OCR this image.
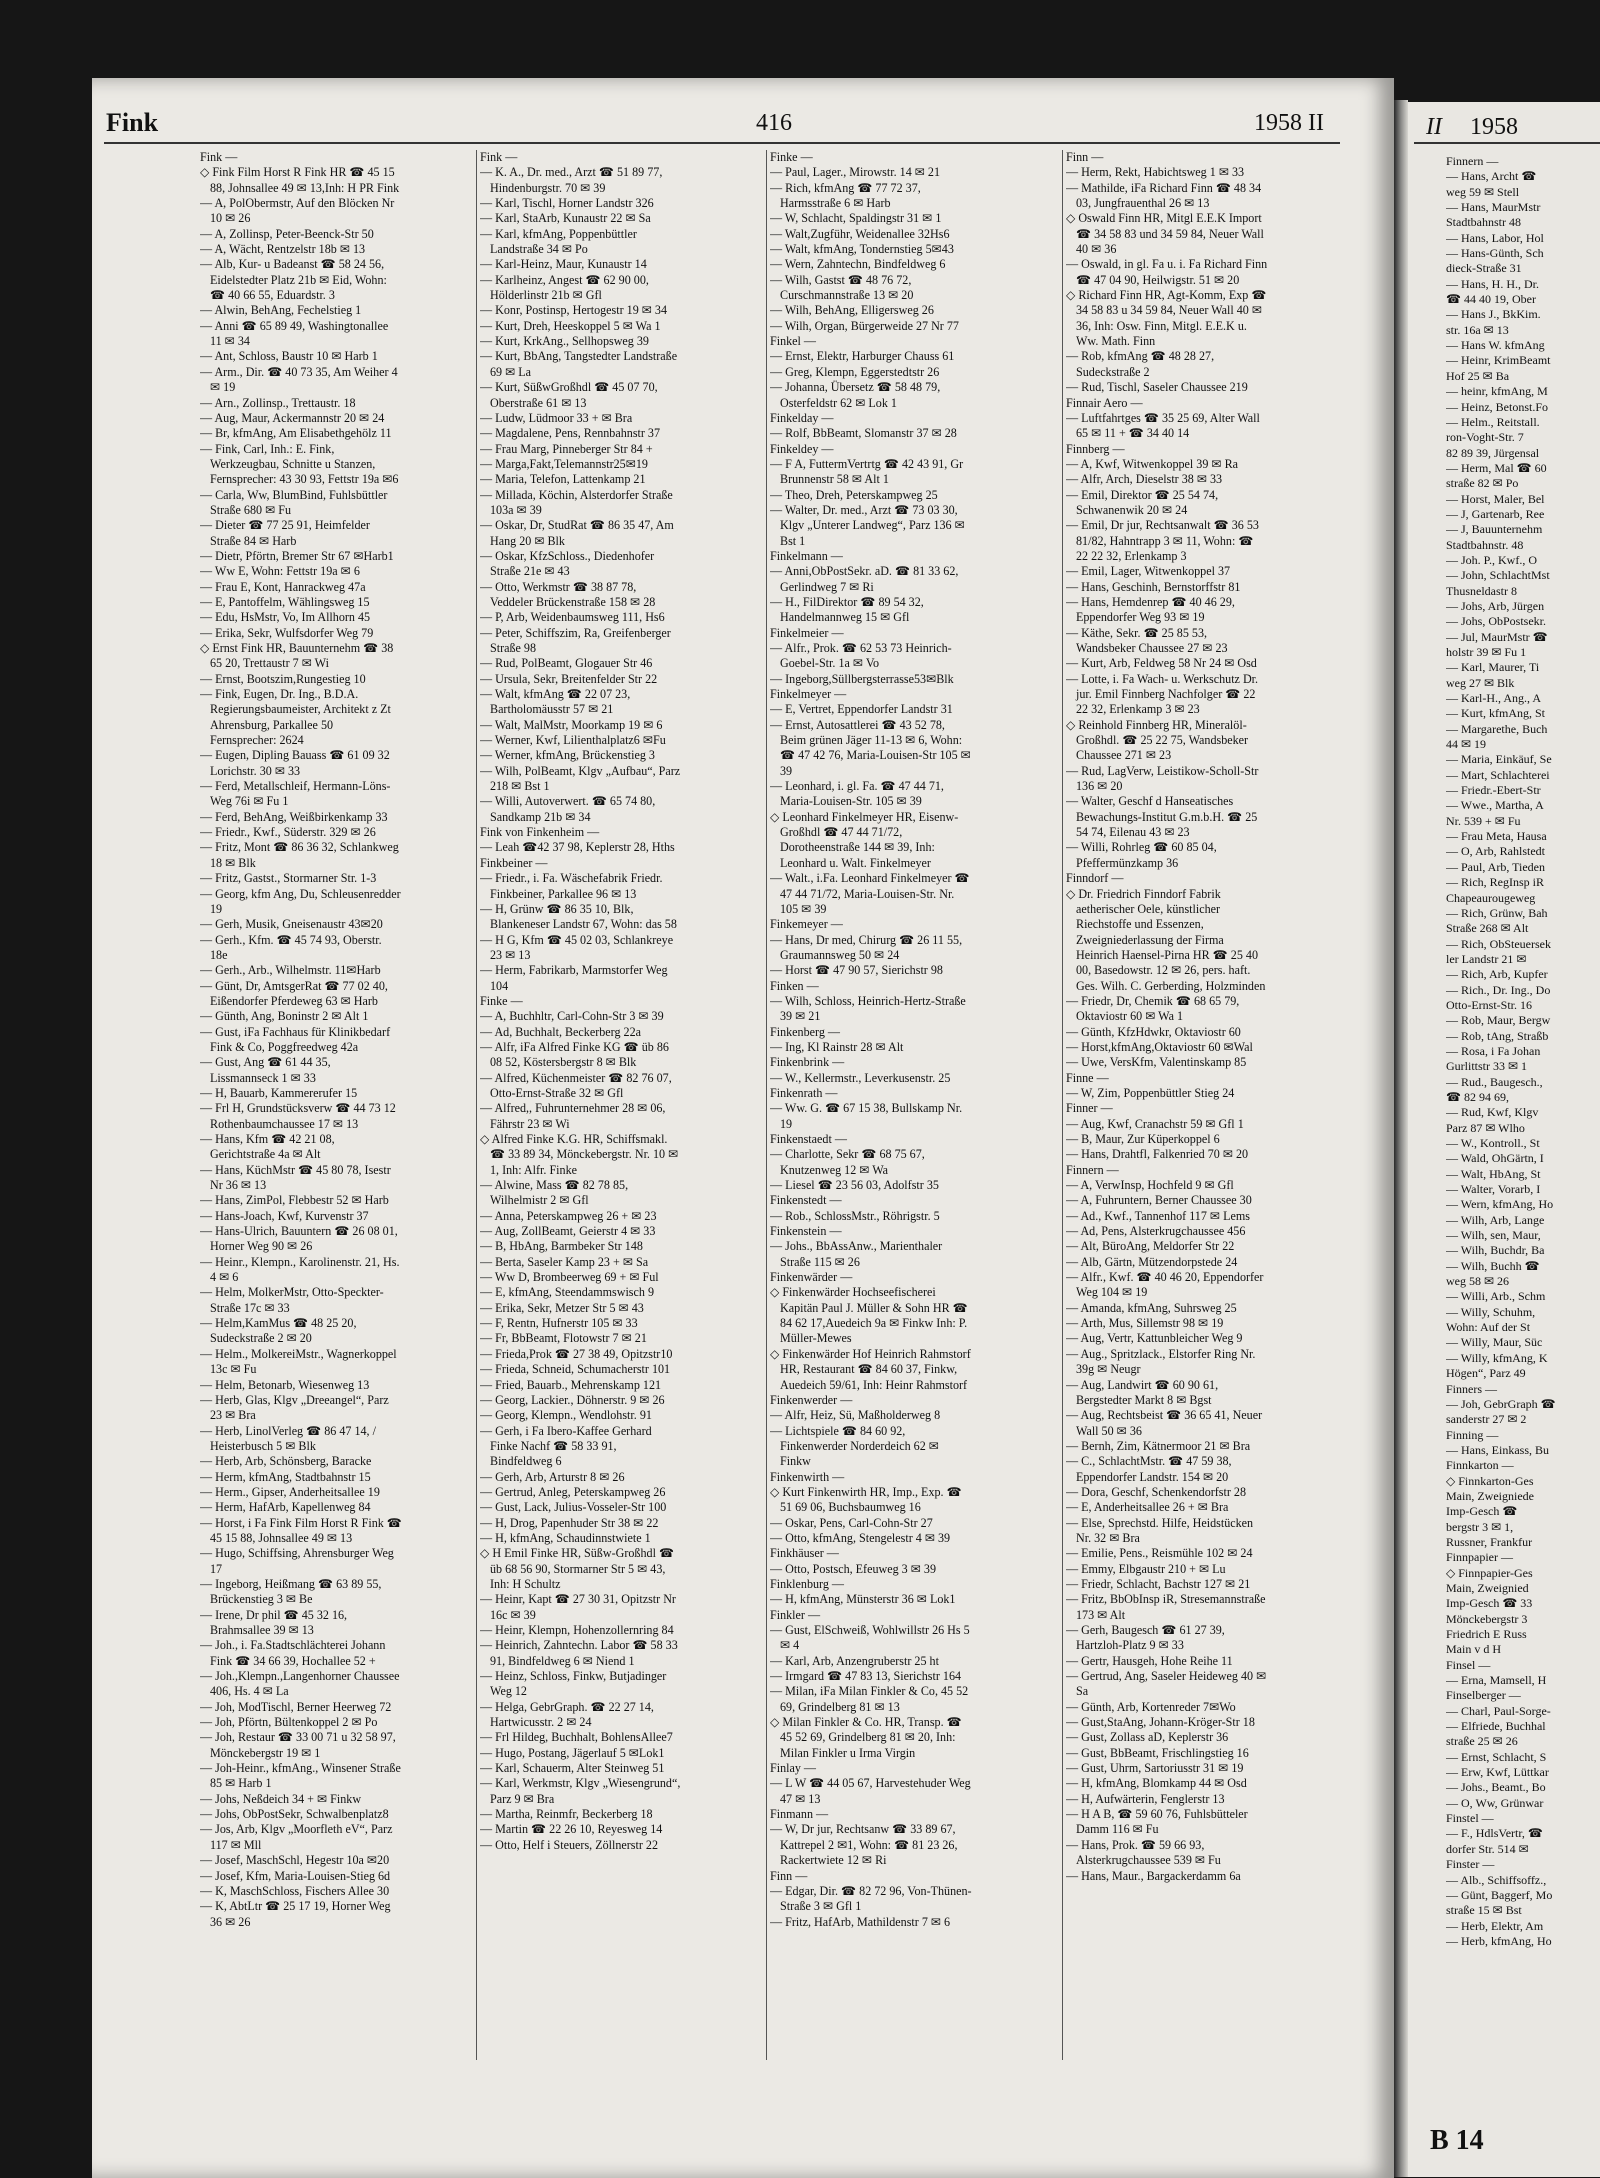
Fink	416	1958 II
Fink —
◇ Fink Film Horst R Fink HR ☎ 45 15 88, Johnsallee 49 ✉ 13,Inh: H PR Fink
— A, PolObermstr, Auf den Blöcken Nr 10 ✉ 26
— A, Zollinsp, Peter-Beenck-Str 50
— A, Wächt, Rentzelstr 18b ✉ 13
— Alb, Kur- u Badeanst ☎ 58 24 56, Eidelstedter Platz 21b ✉ Eid, Wohn: ☎ 40 66 55, Eduardstr. 3
— Alwin, BehAng, Fechelstieg 1
— Anni ☎ 65 89 49, Washingtonallee 11 ✉ 34
— Ant, Schloss, Baustr 10 ✉ Harb 1
— Arm., Dir. ☎ 40 73 35, Am Weiher 4 ✉ 19
— Arn., Zollinsp., Trettaustr. 18
— Aug, Maur, Ackermannstr 20 ✉ 24
— Br, kfmAng, Am Elisabethgehölz 11
— Fink, Carl, Inh.: E. Fink, Werkzeugbau, Schnitte u Stanzen, Fernsprecher: 43 30 93, Fettstr 19a ✉6
— Carla, Ww, BlumBind, Fuhlsbüttler Straße 680 ✉ Fu
— Dieter ☎ 77 25 91, Heimfelder Straße 84 ✉ Harb
— Dietr, Pförtn, Bremer Str 67 ✉Harb1
— Ww E, Wohn: Fettstr 19a ✉ 6
— Frau E, Kont, Hanrackweg 47a
— E, Pantoffelm, Wählingsweg 15
— Edu, HsMstr, Vo, Im Allhorn 45
— Erika, Sekr, Wulfsdorfer Weg 79
◇ Ernst Fink HR, Bauunternehm ☎ 38 65 20, Trettaustr 7 ✉ Wi
— Ernst, Bootszim,Rungestieg 10
— Fink, Eugen, Dr. Ing., B.D.A. Regierungsbaumeister, Architekt z Zt Ahrensburg, Parkallee 50 Fernsprecher: 2624
— Eugen, Dipling Bauass ☎ 61 09 32 Lorichstr. 30 ✉ 33
— Ferd, Metallschleif, Hermann-Löns-Weg 76i ✉ Fu 1
— Ferd, BehAng, Weißbirkenkamp 33
— Friedr., Kwf., Süderstr. 329 ✉ 26
— Fritz, Mont ☎ 86 36 32, Schlankweg 18 ✉ Blk
— Fritz, Gastst., Stormarner Str. 1-3
— Georg, kfm Ang, Du, Schleusenredder 19
— Gerh, Musik, Gneisenaustr 43✉20
— Gerh., Kfm. ☎ 45 74 93, Oberstr. 18e
— Gerh., Arb., Wilhelmstr. 11✉Harb
— Günt, Dr, AmtsgerRat ☎ 77 02 40, Eißendorfer Pferdeweg 63 ✉ Harb
— Günth, Ang, Boninstr 2 ✉ Alt 1
— Gust, iFa Fachhaus für Klinikbedarf Fink & Co, Poggfreedweg 42a
— Gust, Ang ☎ 61 44 35, Lissmannseck 1 ✉ 33
— H, Bauarb, Kammererufer 15
— Frl H, Grundstücksverw ☎ 44 73 12 Rothenbaumchaussee 17 ✉ 13
— Hans, Kfm ☎ 42 21 08, Gerichtstraße 4a ✉ Alt
— Hans, KüchMstr ☎ 45 80 78, Isestr Nr 36 ✉ 13
— Hans, ZimPol, Flebbestr 52 ✉ Harb
— Hans-Joach, Kwf, Kurvenstr 37
— Hans-Ulrich, Bauuntern ☎ 26 08 01, Horner Weg 90 ✉ 26
— Heinr., Klempn., Karolinenstr. 21, Hs. 4 ✉ 6
— Helm, MolkerMstr, Otto-Speckter-Straße 17c ✉ 33
— Helm,KamMus ☎ 48 25 20, Sudeckstraße 2 ✉ 20
— Helm., MolkereiMstr., Wagnerkoppel 13c ✉ Fu
— Helm, Betonarb, Wiesenweg 13
— Herb, Glas, Klgv „Dreeangel“, Parz 23 ✉ Bra
— Herb, LinolVerleg ☎ 86 47 14, / Heisterbusch 5 ✉ Blk
— Herb, Arb, Schönsberg, Baracke
— Herm, kfmAng, Stadtbahnstr 15
— Herm., Gipser, Anderheitsallee 19
— Herm, HafArb, Kapellenweg 84
— Horst, i Fa Fink Film Horst R Fink ☎ 45 15 88, Johnsallee 49 ✉ 13
— Hugo, Schiffsing, Ahrensburger Weg 17
— Ingeborg, Heißmang ☎ 63 89 55, Brückenstieg 3 ✉ Be
— Irene, Dr phil ☎ 45 32 16, Brahmsallee 39 ✉ 13
— Joh., i. Fa.Stadtschlächterei Johann Fink ☎ 34 66 39, Hochallee 52 +
— Joh.,Klempn.,Langenhorner Chaussee 406, Hs. 4 ✉ La
— Joh, ModTischl, Berner Heerweg 72
— Joh, Pförtn, Bültenkoppel 2 ✉ Po
— Joh, Restaur ☎ 33 00 71 u 32 58 97, Mönckebergstr 19 ✉ 1
— Joh-Heinr., kfmAng., Winsener Straße 85 ✉ Harb 1
— Johs, Neßdeich 34 + ✉ Finkw
— Johs, ObPostSekr, Schwalbenplatz8
— Jos, Arb, Klgv „Moorfleth eV“, Parz 117 ✉ Mll
— Josef, MaschSchl, Hegestr 10a ✉20
— Josef, Kfm, Maria-Louisen-Stieg 6d
— K, MaschSchloss, Fischers Allee 30
— K, AbtLtr ☎ 25 17 19, Horner Weg 36 ✉ 26
Fink —
— K. A., Dr. med., Arzt ☎ 51 89 77, Hindenburgstr. 70 ✉ 39
— Karl, Tischl, Horner Landstr 326
— Karl, StaArb, Kunaustr 22 ✉ Sa
— Karl, kfmAng, Poppenbüttler Landstraße 34 ✉ Po
— Karl-Heinz, Maur, Kunaustr 14
— Karlheinz, Angest ☎ 62 90 00, Hölderlinstr 21b ✉ Gfl
— Konr, Postinsp, Hertogestr 19 ✉ 34
— Kurt, Dreh, Heeskoppel 5 ✉ Wa 1
— Kurt, KrkAng., Sellhopsweg 39
— Kurt, BbAng, Tangstedter Landstraße 69 ✉ La
— Kurt, SüßwGroßhdl ☎ 45 07 70, Oberstraße 61 ✉ 13
— Ludw, Lüdmoor 33 + ✉ Bra
— Magdalene, Pens, Rennbahnstr 37
— Frau Marg, Pinneberger Str 84 +
— Marga,Fakt,Telemannstr25✉19
— Maria, Telefon, Lattenkamp 21
— Millada, Köchin, Alsterdorfer Straße 103a ✉ 39
— Oskar, Dr, StudRat ☎ 86 35 47, Am Hang 20 ✉ Blk
— Oskar, KfzSchloss., Diedenhofer Straße 21e ✉ 43
— Otto, Werkmstr ☎ 38 87 78, Veddeler Brückenstraße 158 ✉ 28
— P, Arb, Weidenbaumsweg 111, Hs6
— Peter, Schiffszim, Ra, Greifenberger Straße 98
— Rud, PolBeamt, Glogauer Str 46
— Ursula, Sekr, Breitenfelder Str 22
— Walt, kfmAng ☎ 22 07 23, Bartholomäusstr 57 ✉ 21
— Walt, MalMstr, Moorkamp 19 ✉ 6
— Werner, Kwf, Lilienthalplatz6 ✉Fu
— Werner, kfmAng, Brückenstieg 3
— Wilh, PolBeamt, Klgv „Aufbau“, Parz 218 ✉ Bst 1
— Willi, Autoverwert. ☎ 65 74 80, Sandkamp 21b ✉ 34
Fink von Finkenheim —
— Leah ☎42 37 98, Keplerstr 28, Hths
Finkbeiner —
— Friedr., i. Fa. Wäschefabrik Friedr. Finkbeiner, Parkallee 96 ✉ 13
— H, Grünw ☎ 86 35 10, Blk, Blankeneser Landstr 67, Wohn: das 58
— H G, Kfm ☎ 45 02 03, Schlankreye 23 ✉ 13
— Herm, Fabrikarb, Marmstorfer Weg 104
Finke —
— A, Buchhltr, Carl-Cohn-Str 3 ✉ 39
— Ad, Buchhalt, Beckerberg 22a
— Alfr, iFa Alfred Finke KG ☎ üb 86 08 52, Köstersbergstr 8 ✉ Blk
— Alfred, Küchenmeister ☎ 82 76 07, Otto-Ernst-Straße 32 ✉ Gfl
— Alfred,, Fuhrunternehmer 28 ✉ 06, Fährstr 23 ✉ Wi
◇ Alfred Finke K.G. HR, Schiffsmakl. ☎ 33 89 34, Mönckebergstr. Nr. 10 ✉ 1, Inh: Alfr. Finke
— Alwine, Mass ☎ 82 78 85, Wilhelmistr 2 ✉ Gfl
— Anna, Peterskampweg 26 + ✉ 23
— Aug, ZollBeamt, Geierstr 4 ✉ 33
— B, HbAng, Barmbeker Str 148
— Berta, Saseler Kamp 23 + ✉ Sa
— Ww D, Brombeerweg 69 + ✉ Ful
— E, kfmAng, Steendammswisch 9
— Erika, Sekr, Metzer Str 5 ✉ 43
— F, Rentn, Hufnerstr 105 ✉ 33
— Fr, BbBeamt, Flotowstr 7 ✉ 21
— Frieda,Prok ☎ 27 38 49, Opitzstr10
— Frieda, Schneid, Schumacherstr 101
— Fried, Bauarb., Mehrenskamp 121
— Georg, Lackier., Döhnerstr. 9 ✉ 26
— Georg, Klempn., Wendlohstr. 91
— Gerh, i Fa Ibero-Kaffee Gerhard Finke Nachf ☎ 58 33 91, Bindfeldweg 6
— Gerh, Arb, Arturstr 8 ✉ 26
— Gertrud, Anleg, Peterskampweg 26
— Gust, Lack, Julius-Vosseler-Str 100
— H, Drog, Papenhuder Str 38 ✉ 22
— H, kfmAng, Schaudinnstwiete 1
◇ H Emil Finke HR, Süßw-Großhdl ☎ üb 68 56 90, Stormarner Str 5 ✉ 43, Inh: H Schultz
— Heinr, Kapt ☎ 27 30 31, Opitzstr Nr 16c ✉ 39
— Heinr, Klempn, Hohenzollernring 84
— Heinrich, Zahntechn. Labor ☎ 58 33 91, Bindfeldweg 6 ✉ Niend 1
— Heinz, Schloss, Finkw, Butjadinger Weg 12
— Helga, GebrGraph. ☎ 22 27 14, Hartwicusstr. 2 ✉ 24
— Frl Hildeg, Buchhalt, BohlensAllee7
— Hugo, Postang, Jägerlauf 5 ✉Lok1
— Karl, Schauerm, Alter Steinweg 51
— Karl, Werkmstr, Klgv „Wiesengrund“, Parz 9 ✉ Bra
— Martha, Reinmfr, Beckerberg 18
— Martin ☎ 22 26 10, Reyesweg 14
— Otto, Helf i Steuers, Zöllnerstr 22
Finke —
— Paul, Lager., Mirowstr. 14 ✉ 21
— Rich, kfmAng ☎ 77 72 37, Harmsstraße 6 ✉ Harb
— W, Schlacht, Spaldingstr 31 ✉ 1
— Walt,Zugführ, Weidenallee 32Hs6
— Walt, kfmAng, Tondernstieg 5✉43
— Wern, Zahntechn, Bindfeldweg 6
— Wilh, Gastst ☎ 48 76 72, Curschmannstraße 13 ✉ 20
— Wilh, BehAng, Elligersweg 26
— Wilh, Organ, Bürgerweide 27 Nr 77
Finkel —
— Ernst, Elektr, Harburger Chauss 61
— Greg, Klempn, Eggerstedtstr 26
— Johanna, Übersetz ☎ 58 48 79, Osterfeldstr 62 ✉ Lok 1
Finkelday —
— Rolf, BbBeamt, Slomanstr 37 ✉ 28
Finkeldey —
— F A, FuttermVertrtg ☎ 42 43 91, Gr Brunnenstr 58 ✉ Alt 1
— Theo, Dreh, Peterskampweg 25
— Walter, Dr. med., Arzt ☎ 73 03 30, Klgv „Unterer Landweg“, Parz 136 ✉ Bst 1
Finkelmann —
— Anni,ObPostSekr. aD. ☎ 81 33 62, Gerlindweg 7 ✉ Ri
— H., FilDirektor ☎ 89 54 32, Handelmannweg 15 ✉ Gfl
Finkelmeier —
— Alfr., Prok. ☎ 62 53 73 Heinrich-Goebel-Str. 1a ✉ Vo
— Ingeborg,Süllbergsterrasse53✉Blk
Finkelmeyer —
— E, Vertret, Eppendorfer Landstr 31
— Ernst, Autosattlerei ☎ 43 52 78, Beim grünen Jäger 11-13 ✉ 6, Wohn: ☎ 47 42 76, Maria-Louisen-Str 105 ✉ 39
— Leonhard, i. gl. Fa. ☎ 47 44 71, Maria-Louisen-Str. 105 ✉ 39
◇ Leonhard Finkelmeyer HR, Eisenw-Großhdl ☎ 47 44 71/72, Dorotheenstraße 144 ✉ 39, Inh: Leonhard u. Walt. Finkelmeyer
— Walt., i.Fa. Leonhard Finkelmeyer ☎ 47 44 71/72, Maria-Louisen-Str. Nr. 105 ✉ 39
Finkemeyer —
— Hans, Dr med, Chirurg ☎ 26 11 55, Graumannsweg 50 ✉ 24
— Horst ☎ 47 90 57, Sierichstr 98
Finken —
— Wilh, Schloss, Heinrich-Hertz-Straße 39 ✉ 21
Finkenberg —
— Ing, Kl Rainstr 28 ✉ Alt
Finkenbrink —
— W., Kellermstr., Leverkusenstr. 25
Finkenrath —
— Ww. G. ☎ 67 15 38, Bullskamp Nr. 19
Finkenstaedt —
— Charlotte, Sekr ☎ 68 75 67, Knutzenweg 12 ✉ Wa
— Liesel ☎ 23 56 03, Adolfstr 35
Finkenstedt —
— Rob., SchlossMstr., Röhrigstr. 5
Finkenstein —
— Johs., BbAssAnw., Marienthaler Straße 115 ✉ 26
Finkenwärder —
◇ Finkenwärder Hochseefischerei Kapitän Paul J. Müller & Sohn HR ☎ 84 62 17,Auedeich 9a ✉ Finkw Inh: P. Müller-Mewes
◇ Finkenwärder Hof Heinrich Rahmstorf HR, Restaurant ☎ 84 60 37, Finkw, Auedeich 59/61, Inh: Heinr Rahmstorf
Finkenwerder —
— Alfr, Heiz, Sü, Maßholderweg 8
— Lichtspiele ☎ 84 60 92, Finkenwerder Norderdeich 62 ✉ Finkw
Finkenwirth —
◇ Kurt Finkenwirth HR, Imp., Exp. ☎ 51 69 06, Buchsbaumweg 16
— Oskar, Pens, Carl-Cohn-Str 27
— Otto, kfmAng, Stengelestr 4 ✉ 39
Finkhäuser —
— Otto, Postsch, Efeuweg 3 ✉ 39
Finklenburg —
— H, kfmAng, Münsterstr 36 ✉ Lok1
Finkler —
— Gust, ElSchweiß, Wohlwillstr 26 Hs 5 ✉ 4
— Karl, Arb, Anzengruberstr 25 ht
— Irmgard ☎ 47 83 13, Sierichstr 164
— Milan, iFa Milan Finkler & Co, 45 52 69, Grindelberg 81 ✉ 13
◇ Milan Finkler & Co. HR, Transp. ☎ 45 52 69, Grindelberg 81 ✉ 20, Inh: Milan Finkler u Irma Virgin
Finlay —
— L W ☎ 44 05 67, Harvestehuder Weg 47 ✉ 13
Finmann —
— W, Dr jur, Rechtsanw ☎ 33 89 67, Kattrepel 2 ✉1, Wohn: ☎ 81 23 26, Rackertwiete 12 ✉ Ri
Finn —
— Edgar, Dir. ☎ 82 72 96, Von-Thünen-Straße 3 ✉ Gfl 1
— Fritz, HafArb, Mathildenstr 7 ✉ 6
Finn —
— Herm, Rekt, Habichtsweg 1 ✉ 33
— Mathilde, iFa Richard Finn ☎ 48 34 03, Jungfrauenthal 26 ✉ 13
◇ Oswald Finn HR, Mitgl E.E.K Import ☎ 34 58 83 und 34 59 84, Neuer Wall 40 ✉ 36
— Oswald, in gl. Fa u. i. Fa Richard Finn ☎ 47 04 90, Heilwigstr. 51 ✉ 20
◇ Richard Finn HR, Agt-Komm, Exp ☎ 34 58 83 u 34 59 84, Neuer Wall 40 ✉ 36, Inh: Osw. Finn, Mitgl. E.E.K u. Ww. Math. Finn
— Rob, kfmAng ☎ 48 28 27, Sudeckstraße 2
— Rud, Tischl, Saseler Chaussee 219
Finnair Aero —
— Luftfahrtges ☎ 35 25 69, Alter Wall 65 ✉ 11 + ☎ 34 40 14
Finnberg —
— A, Kwf, Witwenkoppel 39 ✉ Ra
— Alfr, Arch, Dieselstr 38 ✉ 33
— Emil, Direktor ☎ 25 54 74, Schwanenwik 20 ✉ 24
— Emil, Dr jur, Rechtsanwalt ☎ 36 53 81/82, Hahntrapp 3 ✉ 11, Wohn: ☎ 22 22 32, Erlenkamp 3
— Emil, Lager, Witwenkoppel 37
— Hans, Geschinh, Bernstorffstr 81
— Hans, Hemdenrep ☎ 40 46 29, Eppendorfer Weg 93 ✉ 19
— Käthe, Sekr. ☎ 25 85 53, Wandsbeker Chaussee 27 ✉ 23
— Kurt, Arb, Feldweg 58 Nr 24 ✉ Osd
— Lotte, i. Fa Wach- u. Werkschutz Dr. jur. Emil Finnberg Nachfolger ☎ 22 22 32, Erlenkamp 3 ✉ 23
◇ Reinhold Finnberg HR, Mineralöl-Großhdl. ☎ 25 22 75, Wandsbeker Chaussee 271 ✉ 23
— Rud, LagVerw, Leistikow-Scholl-Str 136 ✉ 20
— Walter, Geschf d Hanseatisches Bewachungs-Institut G.m.b.H. ☎ 25 54 74, Eilenau 43 ✉ 23
— Willi, Rohrleg ☎ 60 85 04, Pfeffermünzkamp 36
Finndorf —
◇ Dr. Friedrich Finndorf Fabrik aetherischer Oele, künstlicher Riechstoffe und Essenzen, Zweigniederlassung der Firma Heinrich Haensel-Pirna HR ☎ 25 40 00, Basedowstr. 12 ✉ 26, pers. haft. Ges. Wilh. C. Gerberding, Holzminden
— Friedr, Dr, Chemik ☎ 68 65 79, Oktaviostr 60 ✉ Wa 1
— Günth, KfzHdwkr, Oktaviostr 60
— Horst,kfmAng,Oktaviostr 60 ✉Wal
— Uwe, VersKfm, Valentinskamp 85
Finne —
— W, Zim, Poppenbüttler Stieg 24
Finner —
— Aug, Kwf, Cranachstr 59 ✉ Gfl 1
— B, Maur, Zur Küperkoppel 6
— Hans, Drahtfl, Falkenried 70 ✉ 20
Finnern —
— A, VerwInsp, Hochfeld 9 ✉ Gfl
— A, Fuhruntern, Berner Chaussee 30
— Ad., Kwf., Tannenhof 117 ✉ Lems
— Ad, Pens, Alsterkrugchaussee 456
— Alt, BüroAng, Meldorfer Str 22
— Alb, Gärtn, Mützendorpstede 24
— Alfr., Kwf. ☎ 40 46 20, Eppendorfer Weg 104 ✉ 19
— Amanda, kfmAng, Suhrsweg 25
— Arth, Mus, Sillemstr 98 ✉ 19
— Aug, Vertr, Kattunbleicher Weg 9
— Aug., Spritzlack., Elstorfer Ring Nr. 39g ✉ Neugr
— Aug, Landwirt ☎ 60 90 61, Bergstedter Markt 8 ✉ Bgst
— Aug, Rechtsbeist ☎ 36 65 41, Neuer Wall 50 ✉ 36
— Bernh, Zim, Kätnermoor 21 ✉ Bra
— C., SchlachtMstr. ☎ 47 59 38, Eppendorfer Landstr. 154 ✉ 20
— Dora, Geschf, Schenkendorfstr 28
— E, Anderheitsallee 26 + ✉ Bra
— Else, Sprechstd. Hilfe, Heidstücken Nr. 32 ✉ Bra
— Emilie, Pens., Reismühle 102 ✉ 24
— Emmy, Elbgaustr 210 + ✉ Lu
— Friedr, Schlacht, Bachstr 127 ✉ 21
— Fritz, BbObInsp iR, Stresemannstraße 173 ✉ Alt
— Gerh, Baugesch ☎ 61 27 39, Hartzloh-Platz 9 ✉ 33
— Gertr, Hausgeh, Hohe Reihe 11
— Gertrud, Ang, Saseler Heideweg 40 ✉ Sa
— Günth, Arb, Kortenreder 7✉Wo
— Gust,StaAng, Johann-Kröger-Str 18
— Gust, Zollass aD, Keplerstr 36
— Gust, BbBeamt, Frischlingstieg 16
— Gust, Uhrm, Sartoriusstr 31 ✉ 19
— H, kfmAng, Blomkamp 44 ✉ Osd
— H, Aufwärterin, Fenglerstr 13
— H A B, ☎ 59 60 76, Fuhlsbütteler Damm 116 ✉ Fu
— Hans, Prok. ☎ 59 66 93, Alsterkrugchaussee 539 ✉ Fu
— Hans, Maur., Bargackerdamm 6a
II 1958
Finnern —
— Hans, Archt ☎
weg 59 ✉ Stell
— Hans, MaurMstr
Stadtbahnstr 48
— Hans, Labor, Hol
— Hans-Günth, Sch
dieck-Straße 31
— Hans, H. H., Dr.
☎ 44 40 19, Ober
— Hans J., BkKim.
str. 16a ✉ 13
— Hans W. kfmAng
— Heinr, KrimBeamt
Hof 25 ✉ Ba
— heinr, kfmAng, M
— Heinz, Betonst.Fo
— Helm., Reitstall.
ron-Voght-Str. 7
82 89 39, Jürgensal
— Herm, Mal ☎ 60
straße 82 ✉ Po
— Horst, Maler, Bel
— J, Gartenarb, Ree
— J, Bauunternehm
Stadtbahnstr. 48
— Joh. P., Kwf., O
— John, SchlachtMst
Thusneldastr 8
— Johs, Arb, Jürgen
— Johs, ObPostsekr.
— Jul, MaurMstr ☎
holstr 39 ✉ Fu 1
— Karl, Maurer, Ti
weg 27 ✉ Blk
— Karl-H., Ang., A
— Kurt, kfmAng, St
— Margarethe, Buch
44 ✉ 19
— Maria, Einkäuf, Se
— Mart, Schlachterei
— Friedr.-Ebert-Str
— Wwe., Martha, A
Nr. 539 + ✉ Fu
— Frau Meta, Hausa
— O, Arb, Rahlstedt
— Paul, Arb, Tieden
— Rich, RegInsp iR
Chapeaurougeweg
— Rich, Grünw, Bah
Straße 268 ✉ Alt
— Rich, ObSteuersek
ler Landstr 21 ✉
— Rich, Arb, Kupfer
— Rich., Dr. Ing., Do
Otto-Ernst-Str. 16
— Rob, Maur, Bergw
— Rob, tAng, Straßb
— Rosa, i Fa Johan
Gurlittstr 33 ✉ 1
— Rud., Baugesch.,
☎ 82 94 69,
— Rud, Kwf, Klgv
Parz 87 ✉ Wlho
— W., Kontroll., St
— Wald, OhGärtn, I
— Walt, HbAng, St
— Walter, Vorarb, I
— Wern, kfmAng, Ho
— Wilh, Arb, Lange
— Wilh, sen, Maur,
— Wilh, Buchdr, Ba
— Wilh, Buchh ☎
weg 58 ✉ 26
— Willi, Arb., Schm
— Willy, Schuhm,
Wohn: Auf der St
— Willy, Maur, Süc
— Willy, kfmAng, K
Högen“, Parz 49
Finners —
— Joh, GebrGraph ☎
sanderstr 27 ✉ 2
Finning —
— Hans, Einkass, Bu
Finnkarton —
◇ Finnkarton-Ges
Main, Zweigniede
Imp-Gesch ☎
bergstr 3 ✉ 1,
Russner, Frankfur
Finnpapier —
◇ Finnpapier-Ges
Main, Zweignied
Imp-Gesch ☎ 33
Mönckebergstr 3
Friedrich E Russ
Main v d H
Finsel —
— Erna, Mamsell, H
Finselberger —
— Charl, Paul-Sorge-
— Elfriede, Buchhal
straße 25 ✉ 26
— Ernst, Schlacht, S
— Erw, Kwf, Lüttkar
— Johs., Beamt., Bo
— O, Ww, Grünwar
Finstel —
— F., HdlsVertr, ☎
dorfer Str. 514 ✉
Finster —
— Alb., Schiffsoffz.,
— Günt, Baggerf, Mo
straße 15 ✉ Bst
— Herb, Elektr, Am
— Herb, kfmAng, Ho
B 14
